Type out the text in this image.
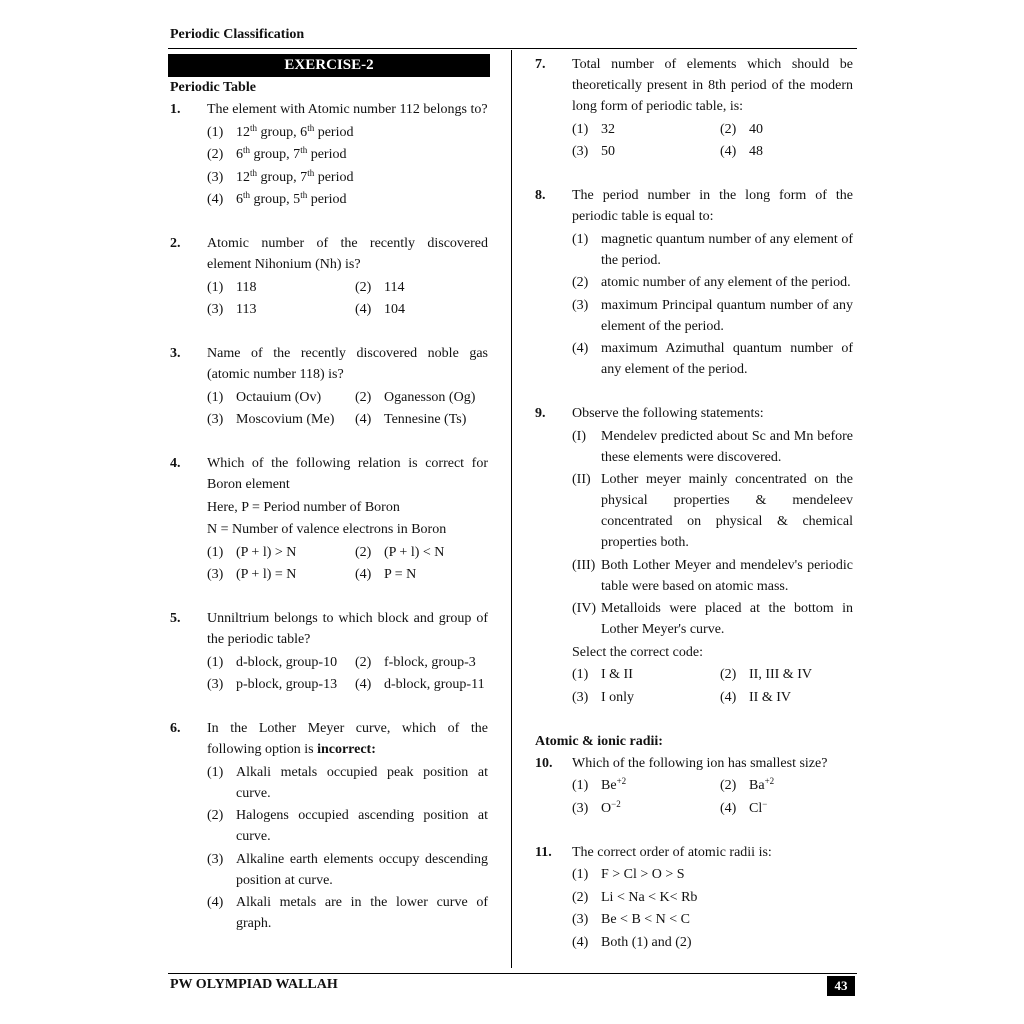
Periodic Classification
EXERCISE-2
Periodic Table
1.	The element with Atomic number 112 belongs to?
(1) 12th group, 6th period
(2) 6th group, 7th period
(3) 12th group, 7th period
(4) 6th group, 5th period
2.	Atomic number of the recently discovered element Nihonium (Nh) is?
(1) 118	(2) 114
(3) 113	(4) 104
3.	Name of the recently discovered noble gas (atomic number 118) is?
(1) Octauium (Ov) (2) Oganesson (Og)
(3) Moscovium (Me) (4) Tennesine (Ts)
4.	Which of the following relation is correct for Boron element
Here, P = Period number of Boron
N = Number of valence electrons in Boron
(1) (P + l) > N	(2) (P + l) < N
(3) (P + l) = N	(4) P = N
5.	Unniltrium belongs to which block and group of the periodic table?
(1) d-block, group-10 (2) f-block, group-3
(3) p-block, group-13 (4) d-block, group-11
6.	In the Lother Meyer curve, which of the following option is incorrect:
(1) Alkali metals occupied peak position at curve.
(2) Halogens occupied ascending position at curve.
(3) Alkaline earth elements occupy descending position at curve.
(4) Alkali metals are in the lower curve of graph.
7.	Total number of elements which should be theoretically present in 8th period of the modern long form of periodic table, is:
(1) 32	(2) 40
(3) 50	(4) 48
8.	The period number in the long form of the periodic table is equal to:
(1) magnetic quantum number of any element of the period.
(2) atomic number of any element of the period.
(3) maximum Principal quantum number of any element of the period.
(4) maximum Azimuthal quantum number of any element of the period.
9.	Observe the following statements:
(I)	Mendelev predicted about Sc and Mn before these elements were discovered.
(II) Lother meyer mainly concentrated on the physical properties & mendeleev concentrated on physical & chemical properties both.
(III) Both Lother Meyer and mendelev's periodic table were based on atomic mass.
(IV) Metalloids were placed at the bottom in Lother Meyer's curve.
Select the correct code:
(1) I & II	(2) II, III & IV
(3) I only	(4) II & IV
Atomic & ionic radii:
10.	Which of the following ion has smallest size?
(1) $Be^{+2}$	(2) $Ba^{+2}$
(3) $O^{-2}$	(4) Cl−
11.	The correct order of atomic radii is:
(1) F > Cl > O > S
(2) Li < Na < K< Rb
(3) Be < B < N < C
(4) Both (1) and (2)
PW OLYMPIAD WALLAH	43
